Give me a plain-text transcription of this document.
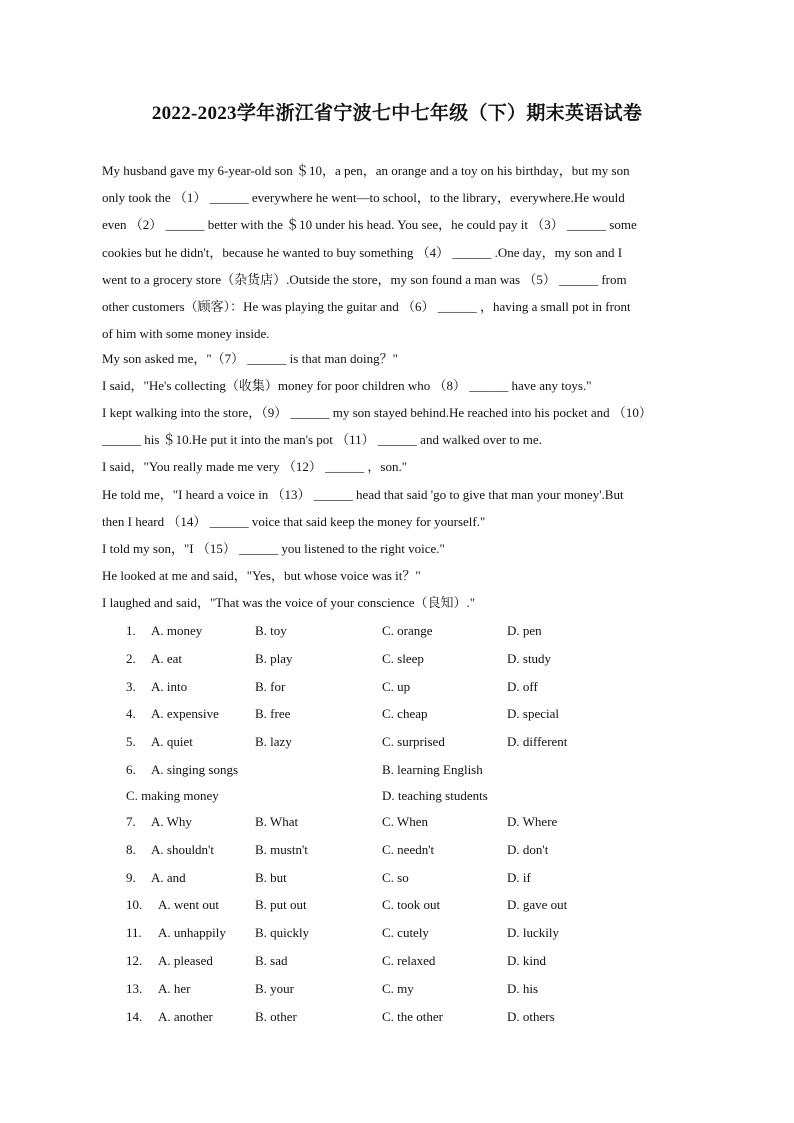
2022-2023学年浙江省宁波七中七年级（下）期末英语试卷
My husband gave my 6-year-old son ＄10，a pen，an orange and a toy on his birthday，but my son
only took the （1） ______ everywhere he went—to school，to the library，everywhere.He would
even （2） ______ better with the ＄10 under his head. You see，he could pay it （3） ______ some
cookies but he didn't，because he wanted to buy something （4） ______ .One day，my son and I
went to a grocery store（杂货店）.Outside the store，my son found a man was （5） ______ from
other customers（顾客）：He was playing the guitar and （6） ______ ，having a small pot in front
of him with some money inside.
My son asked me，"（7） ______ is that man doing？"
I said，"He's collecting（收集）money for poor children who （8） ______ have any toys."
I kept walking into the store，（9） ______ my son stayed behind.He reached into his pocket and （10）
______ his ＄10.He put it into the man's pot （11） ______ and walked over to me.
I said，"You really made me very （12） ______ ，son."
He told me，"I heard a voice in （13） ______ head that said 'go to give that man your money'.But
then I heard （14） ______ voice that said keep the money for yourself."
I told my son，"I （15） ______ you listened to the right voice."
He looked at me and said，"Yes，but whose voice was it？"
I laughed and said，"That was the voice of your conscience（良知）."
1. A. money	B. toy	C. orange	D. pen
2. A. eat	B. play	C. sleep	D. study
3. A. into	B. for	C. up	D. off
4. A. expensive	B. free	C. cheap	D. special
5. A. quiet	B. lazy	C. surprised	D. different
6. A. singing songs	B. learning English
C. making money	D. teaching students
7. A. Why	B. What	C. When	D. Where
8. A. shouldn't	B. mustn't	C. needn't	D. don't
9. A. and	B. but	C. so	D. if
10. A. went out	B. put out	C. took out	D. gave out
11. A. unhappily B. quickly	C. cutely	D. luckily
12. A. pleased	B. sad	C. relaxed	D. kind
13. A. her	B. your	C. my	D. his
14. A. another	B. other	C. the other	D. others
